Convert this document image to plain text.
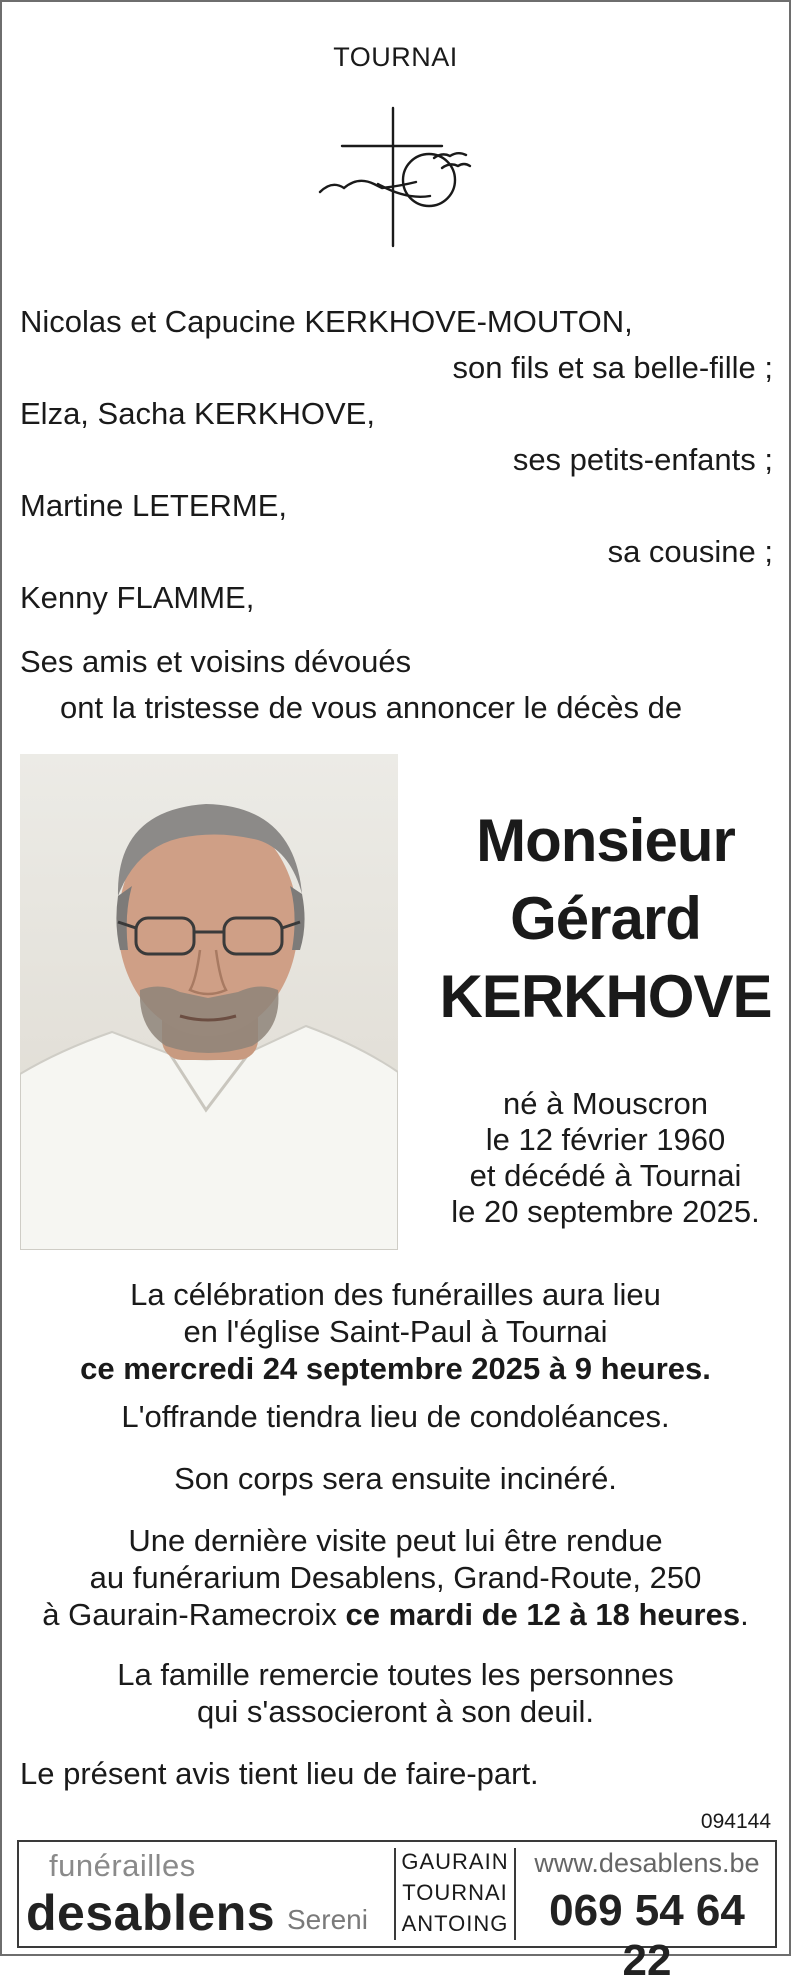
TOURNAI
Nicolas et Capucine KERKHOVE-MOUTON,
son fils et sa belle-fille ;
Elza, Sacha KERKHOVE,
ses petits-enfants ;
Martine LETERME,
sa cousine ;
Kenny FLAMME,
Ses amis et voisins dévoués
ont la tristesse de vous annoncer le décès de
Monsieur
Gérard
KERKHOVE
né à Mouscron
le 12 février 1960
et décédé à Tournai
le 20 septembre 2025.
La célébration des funérailles aura lieu
en l'église Saint-Paul à Tournai
ce mercredi 24 septembre 2025 à 9 heures.
L'offrande tiendra lieu de condoléances.
Son corps sera ensuite incinéré.
Une dernière visite peut lui être rendue
au funérarium Desablens, Grand-Route, 250
à Gaurain-Ramecroix ce mardi de 12 à 18 heures.
La famille remercie toutes les personnes
qui s'associeront à son deuil.
Le présent avis tient lieu de faire-part.
094144
funérailles
desablens Sereni
GAURAIN
TOURNAI
ANTOING
www.desablens.be
069 54 64 22
